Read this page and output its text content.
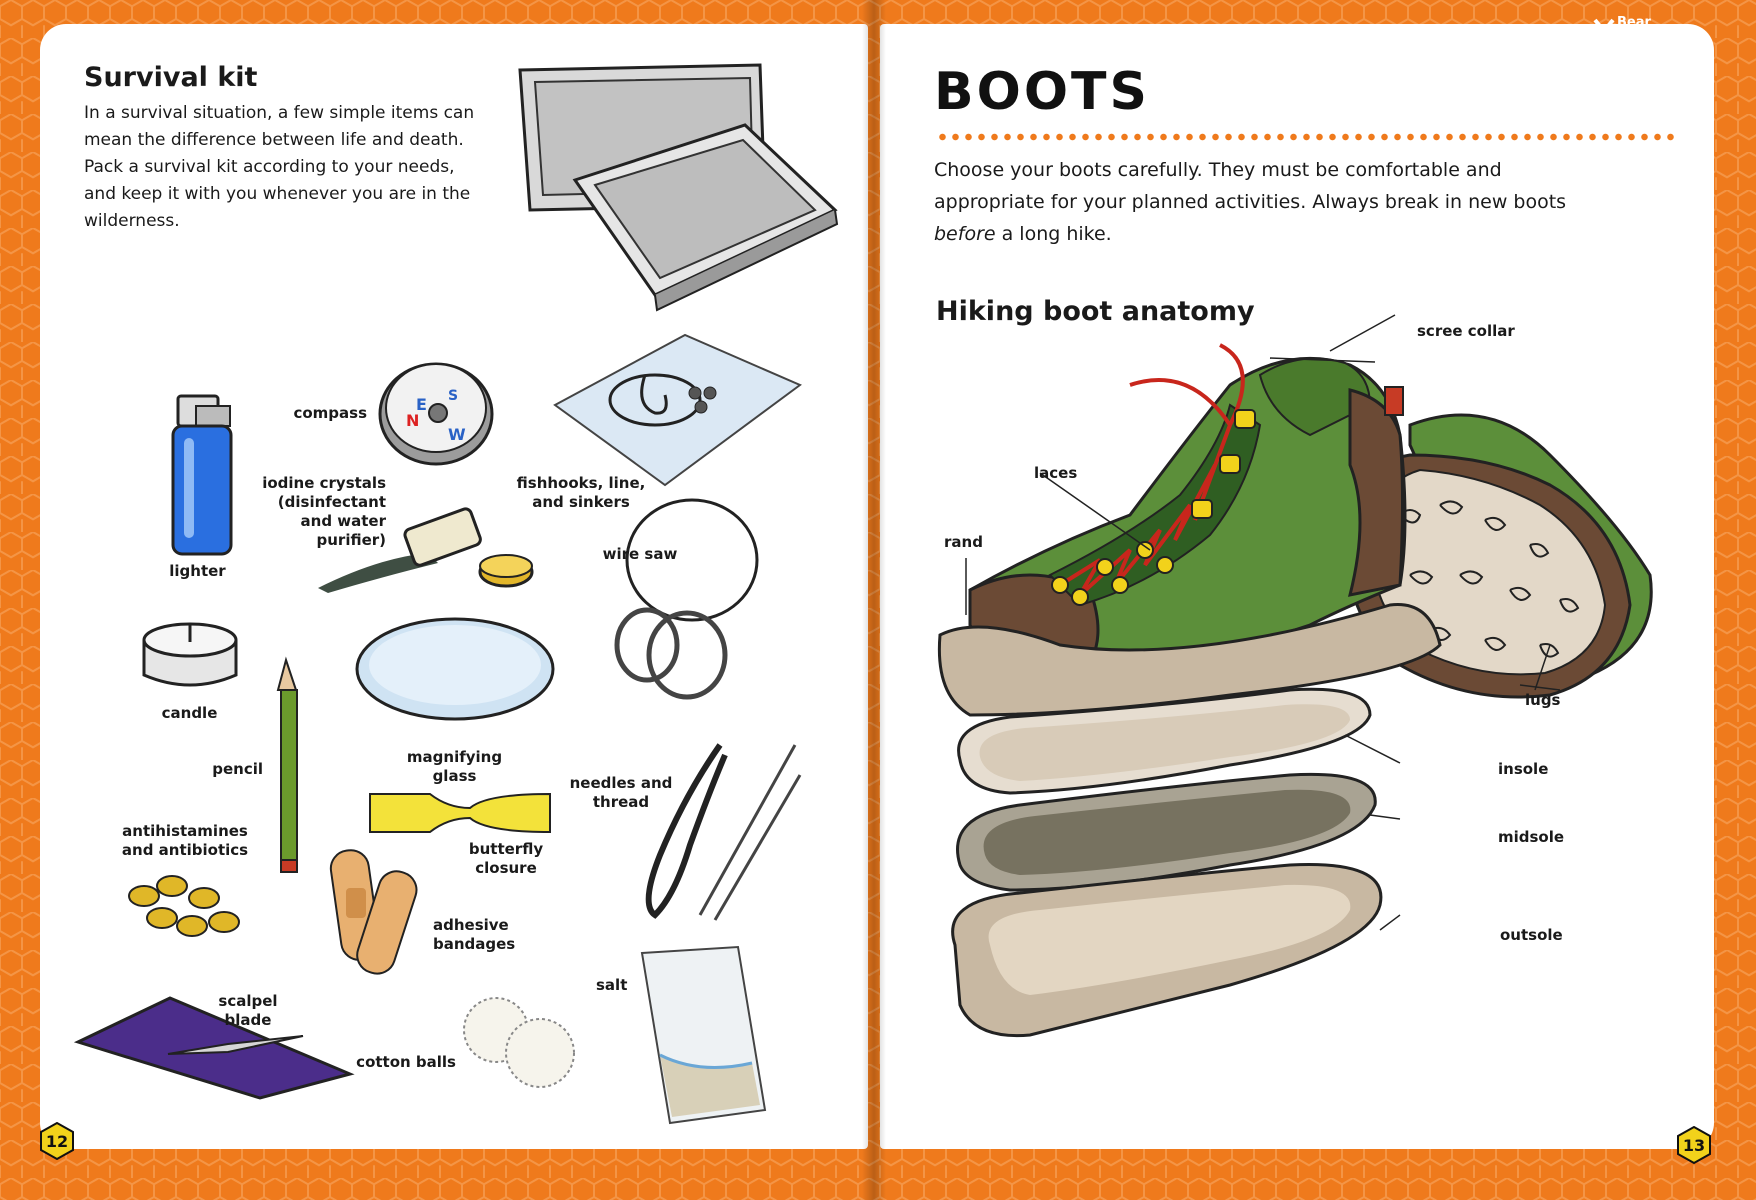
Survival kit
In a survival situation, a few simple items can mean the difference between life and death. Pack a survival kit according to your needs, and keep it with you whenever you are in the wilderness.
E
N
S
W
compass
iodine crystals (disinfectant and water purifier)
fishhooks, line, and sinkers
lighter
wire saw
candle
pencil
magnifying glass	needles and thread
antihistamines and antibiotics	butterfly closure
adhesive bandages
salt
scalpel blade
cotton balls
BOOTS
Choose your boots carefully. They must be comfortable and appropriate for your planned activities. Always break in new boots before a long hike.
Hiking boot anatomy
scree collar
laces
rand
lugs
insole
midsole
outsole
12	13
Bear Grylls
